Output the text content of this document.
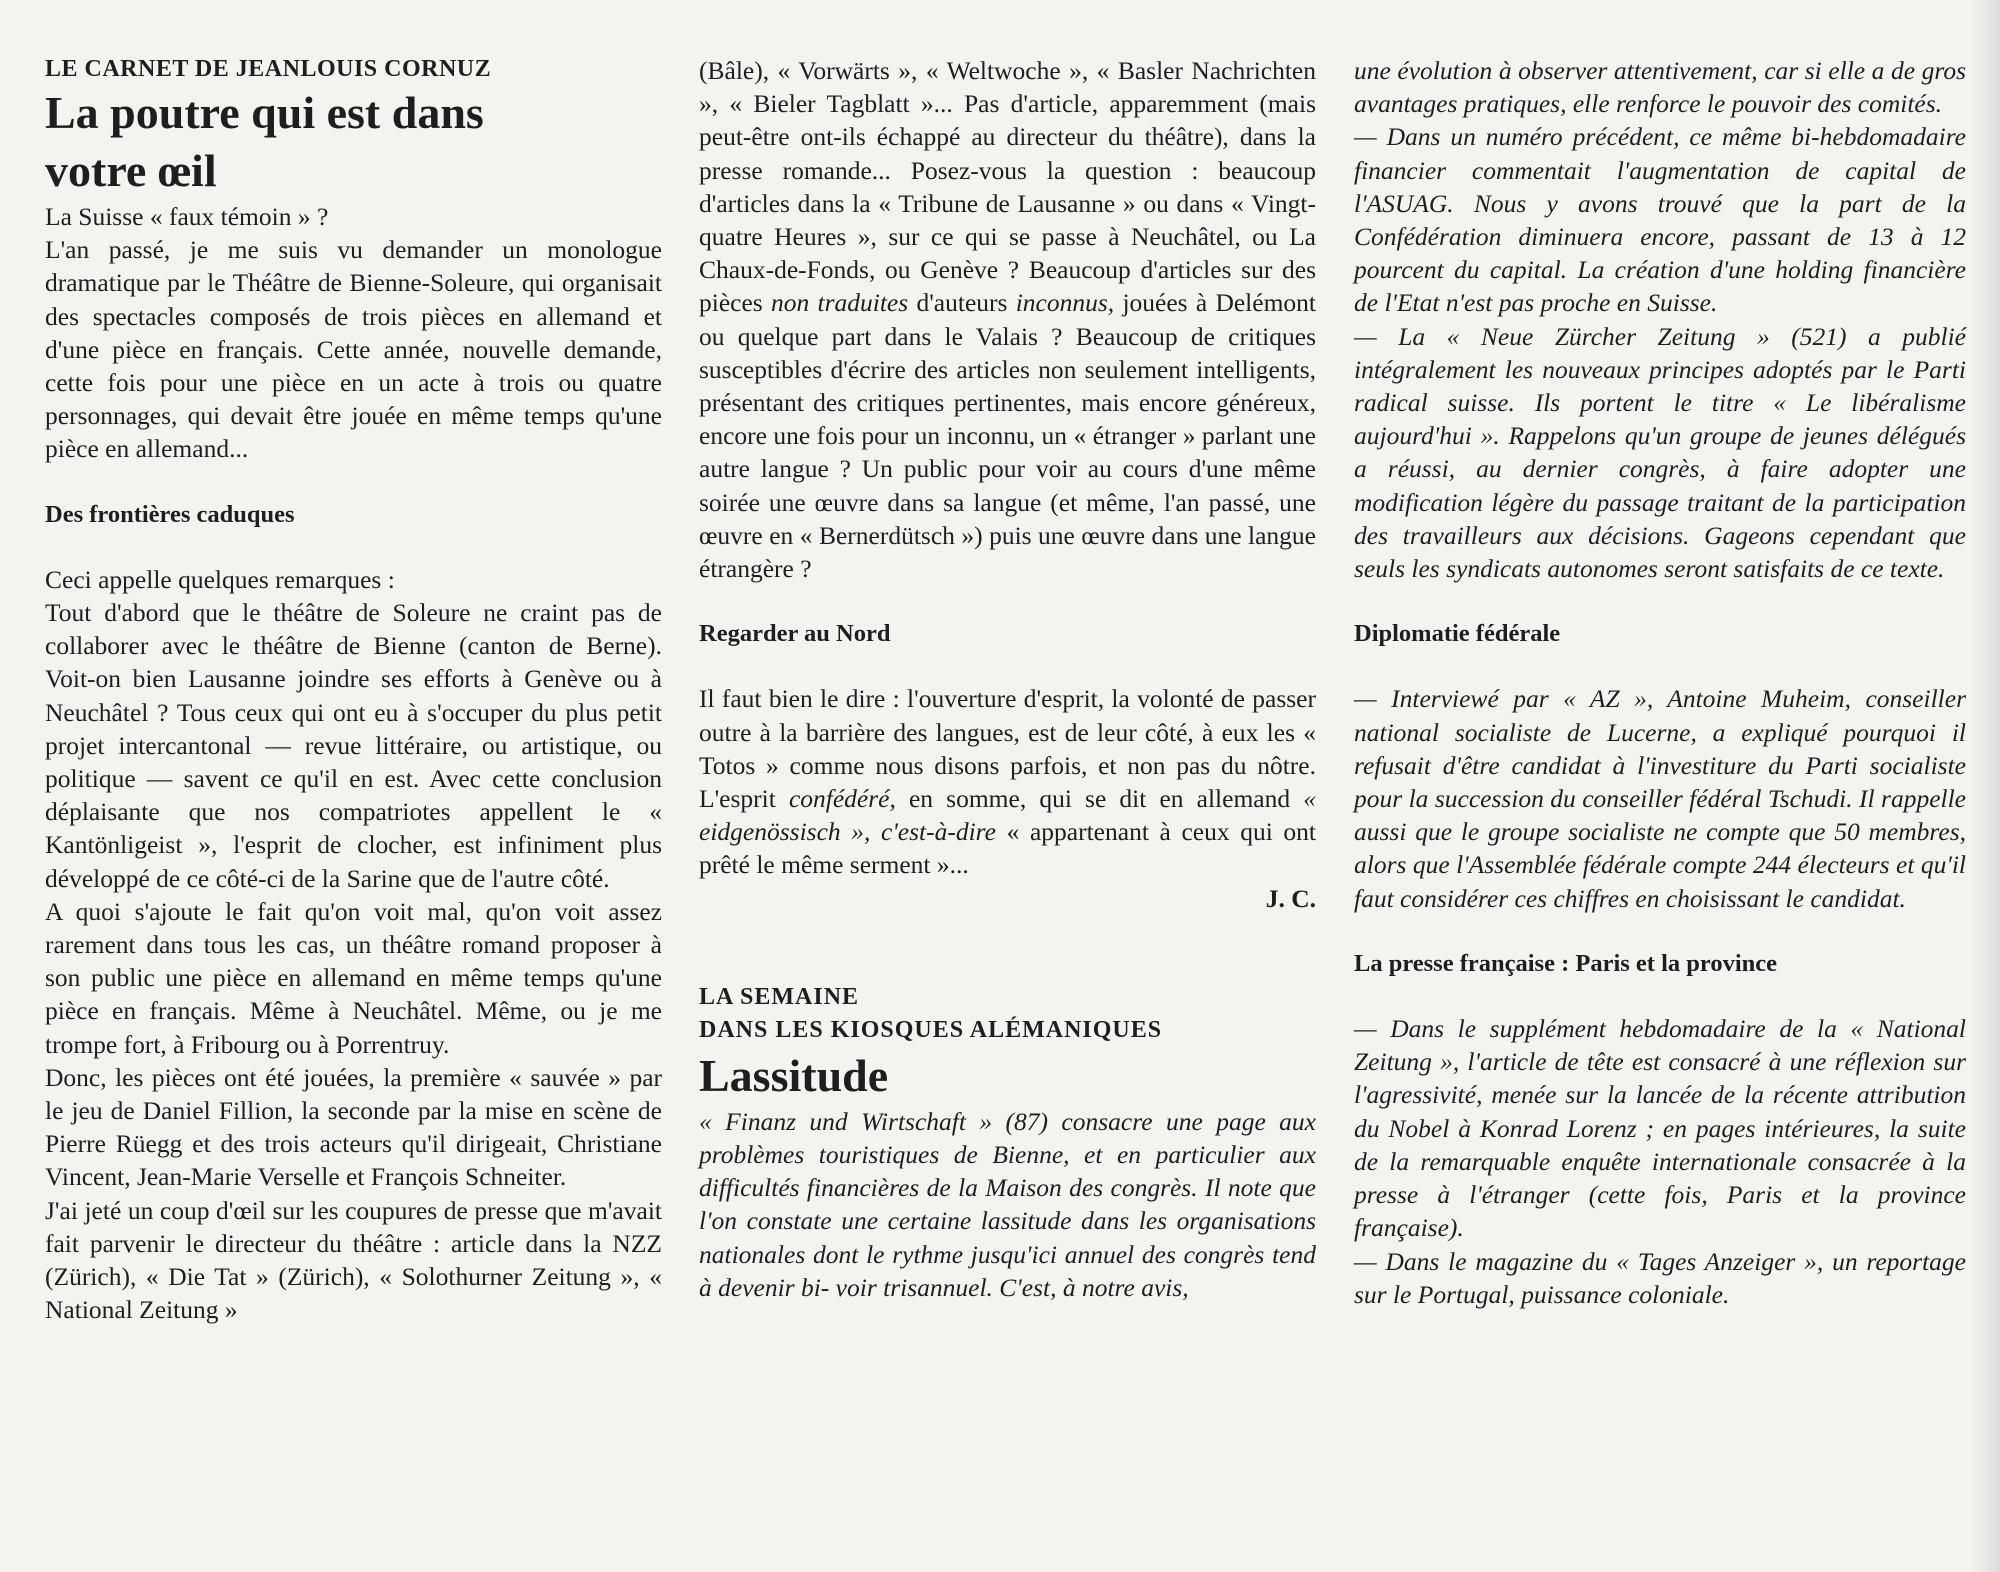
LE CARNET DE JEANLOUIS CORNUZ

La poutre qui est dans
votre œil

La Suisse « faux témoin » ?

L'an passé, je me suis vu demander un monologue dramatique par le Théâtre de Bienne-Soleure, qui organisait des spectacles composés de trois pièces en allemand et d'une pièce en français. Cette année, nouvelle demande, cette fois pour une pièce en un acte à trois ou quatre personnages, qui devait être jouée en même temps qu'une pièce en allemand...

Des frontières caduques

Ceci appelle quelques remarques :

Tout d'abord que le théâtre de Soleure ne craint pas de collaborer avec le théâtre de Bienne (canton de Berne). Voit-on bien Lausanne joindre ses efforts à Genève ou à Neuchâtel ? Tous ceux qui ont eu à s'occuper du plus petit projet intercantonal — revue littéraire, ou artistique, ou politique — savent ce qu'il en est. Avec cette conclusion déplaisante que nos compatriotes appellent le « Kantönligeist », l'esprit de clocher, est infiniment plus développé de ce côté-ci de la Sarine que de l'autre côté.

A quoi s'ajoute le fait qu'on voit mal, qu'on voit assez rarement dans tous les cas, un théâtre romand proposer à son public une pièce en allemand en même temps qu'une pièce en français. Même à Neuchâtel. Même, ou je me trompe fort, à Fribourg ou à Porrentruy.

Donc, les pièces ont été jouées, la première « sauvée » par le jeu de Daniel Fillion, la seconde par la mise en scène de Pierre Rüegg et des trois acteurs qu'il dirigeait, Christiane Vincent, Jean-Marie Verselle et François Schneiter.

J'ai jeté un coup d'œil sur les coupures de presse que m'avait fait parvenir le directeur du théâtre : article dans la NZZ (Zürich), « Die Tat » (Zürich), « Solothurner Zeitung », « National Zeitung »

(Bâle), « Vorwärts », « Weltwoche », « Basler Nachrichten », « Bieler Tagblatt »... Pas d'article, apparemment (mais peut-être ont-ils échappé au directeur du théâtre), dans la presse romande... Posez-vous la question : beaucoup d'articles dans la « Tribune de Lausanne » ou dans « Vingt-quatre Heures », sur ce qui se passe à Neuchâtel, ou La Chaux-de-Fonds, ou Genève ? Beaucoup d'articles sur des pièces non traduites d'auteurs inconnus, jouées à Delémont ou quelque part dans le Valais ? Beaucoup de critiques susceptibles d'écrire des articles non seulement intelligents, présentant des critiques pertinentes, mais encore généreux, encore une fois pour un inconnu, un « étranger » parlant une autre langue ? Un public pour voir au cours d'une même soirée une œuvre dans sa langue (et même, l'an passé, une œuvre en « Bernerdütsch ») puis une œuvre dans une langue étrangère ?

Regarder au Nord

Il faut bien le dire : l'ouverture d'esprit, la volonté de passer outre à la barrière des langues, est de leur côté, à eux les « Totos » comme nous disons parfois, et non pas du nôtre. L'esprit confédéré, en somme, qui se dit en allemand « eidgenössisch », c'est-à-dire « appartenant à ceux qui ont prêté le même serment »...

J. C.

LA SEMAINE
DANS LES KIOSQUES ALÉMANIQUES

Lassitude

« Finanz und Wirtschaft » (87) consacre une page aux problèmes touristiques de Bienne, et en particulier aux difficultés financières de la Maison des congrès. Il note que l'on constate une certaine lassitude dans les organisations nationales dont le rythme jusqu'ici annuel des congrès tend à devenir bi- voir trisannuel. C'est, à notre avis,

une évolution à observer attentivement, car si elle a de gros avantages pratiques, elle renforce le pouvoir des comités.

— Dans un numéro précédent, ce même bi-hebdomadaire financier commentait l'augmentation de capital de l'ASUAG. Nous y avons trouvé que la part de la Confédération diminuera encore, passant de 13 à 12 pourcent du capital. La création d'une holding financière de l'Etat n'est pas proche en Suisse.

— La « Neue Zürcher Zeitung » (521) a publié intégralement les nouveaux principes adoptés par le Parti radical suisse. Ils portent le titre « Le libéralisme aujourd'hui ». Rappelons qu'un groupe de jeunes délégués a réussi, au dernier congrès, à faire adopter une modification légère du passage traitant de la participation des travailleurs aux décisions. Gageons cependant que seuls les syndicats autonomes seront satisfaits de ce texte.

Diplomatie fédérale

— Interviewé par « AZ », Antoine Muheim, conseiller national socialiste de Lucerne, a expliqué pourquoi il refusait d'être candidat à l'investiture du Parti socialiste pour la succession du conseiller fédéral Tschudi. Il rappelle aussi que le groupe socialiste ne compte que 50 membres, alors que l'Assemblée fédérale compte 244 électeurs et qu'il faut considérer ces chiffres en choisissant le candidat.

La presse française : Paris et la province

— Dans le supplément hebdomadaire de la « National Zeitung », l'article de tête est consacré à une réflexion sur l'agressivité, menée sur la lancée de la récente attribution du Nobel à Konrad Lorenz ; en pages intérieures, la suite de la remarquable enquête internationale consacrée à la presse à l'étranger (cette fois, Paris et la province française).

— Dans le magazine du « Tages Anzeiger », un reportage sur le Portugal, puissance coloniale.
